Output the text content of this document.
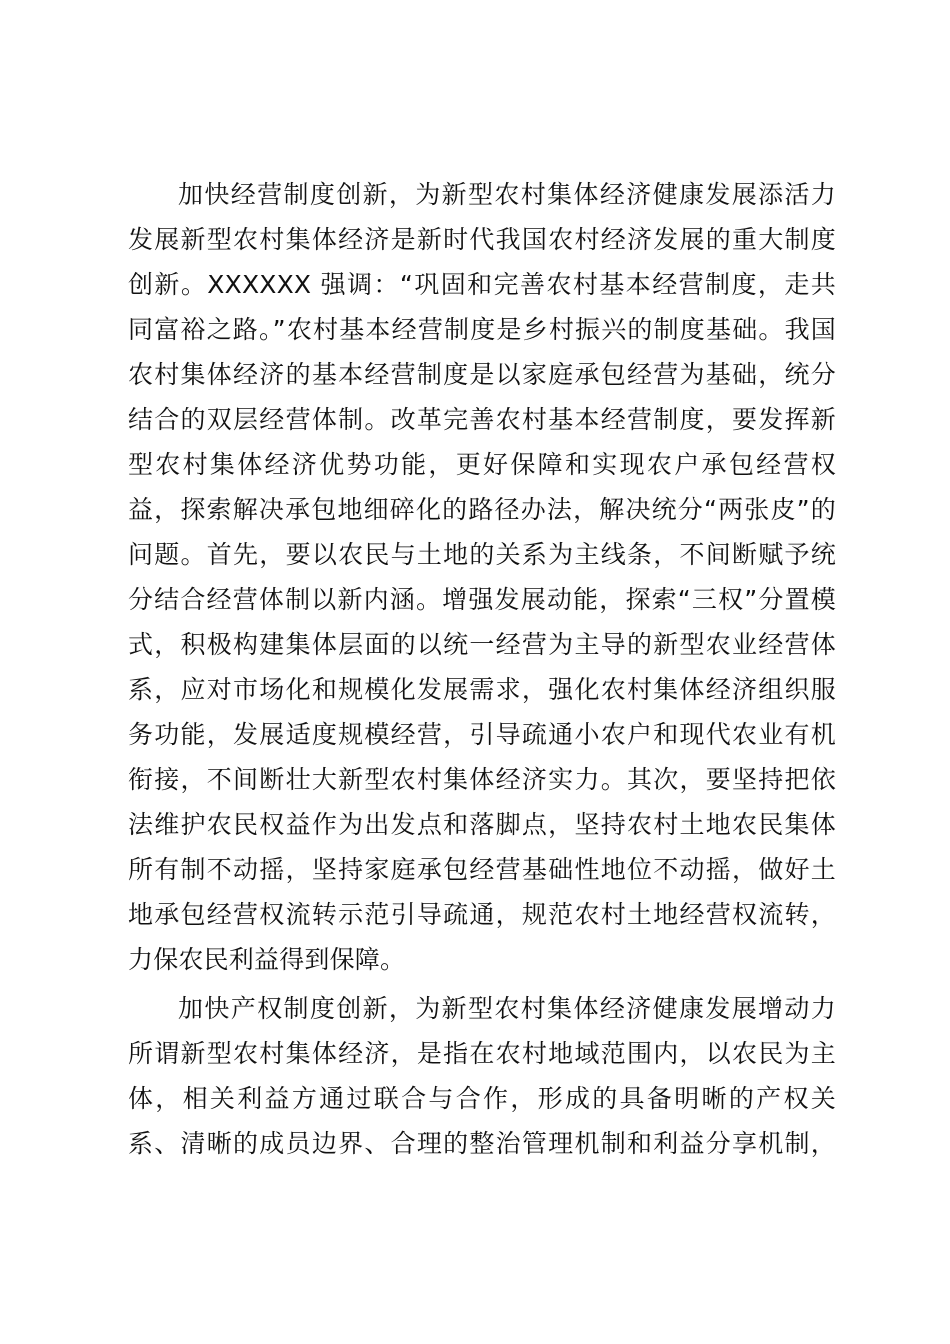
加快经营制度创新，为新型农村集体经济健康发展添活力
发展新型农村集体经济是新时代我国农村经济发展的重大制度
创新。XXXXXX 强调：“巩固和完善农村基本经营制度，走共
同富裕之路。”农村基本经营制度是乡村振兴的制度基础。我国
农村集体经济的基本经营制度是以家庭承包经营为基础，统分
结合的双层经营体制。改革完善农村基本经营制度，要发挥新
型农村集体经济优势功能，更好保障和实现农户承包经营权
益，探索解决承包地细碎化的路径办法，解决统分“两张皮”的
问题。首先，要以农民与土地的关系为主线条，不间断赋予统
分结合经营体制以新内涵。增强发展动能，探索“三权”分置模
式，积极构建集体层面的以统一经营为主导的新型农业经营体
系，应对市场化和规模化发展需求，强化农村集体经济组织服
务功能，发展适度规模经营，引导疏通小农户和现代农业有机
衔接，不间断壮大新型农村集体经济实力。其次，要坚持把依
法维护农民权益作为出发点和落脚点，坚持农村土地农民集体
所有制不动摇，坚持家庭承包经营基础性地位不动摇，做好土
地承包经营权流转示范引导疏通，规范农村土地经营权流转，
力保农民利益得到保障。
加快产权制度创新，为新型农村集体经济健康发展增动力
所谓新型农村集体经济，是指在农村地域范围内，以农民为主
体，相关利益方通过联合与合作，形成的具备明晰的产权关
系、清晰的成员边界、合理的整治管理机制和利益分享机制，
